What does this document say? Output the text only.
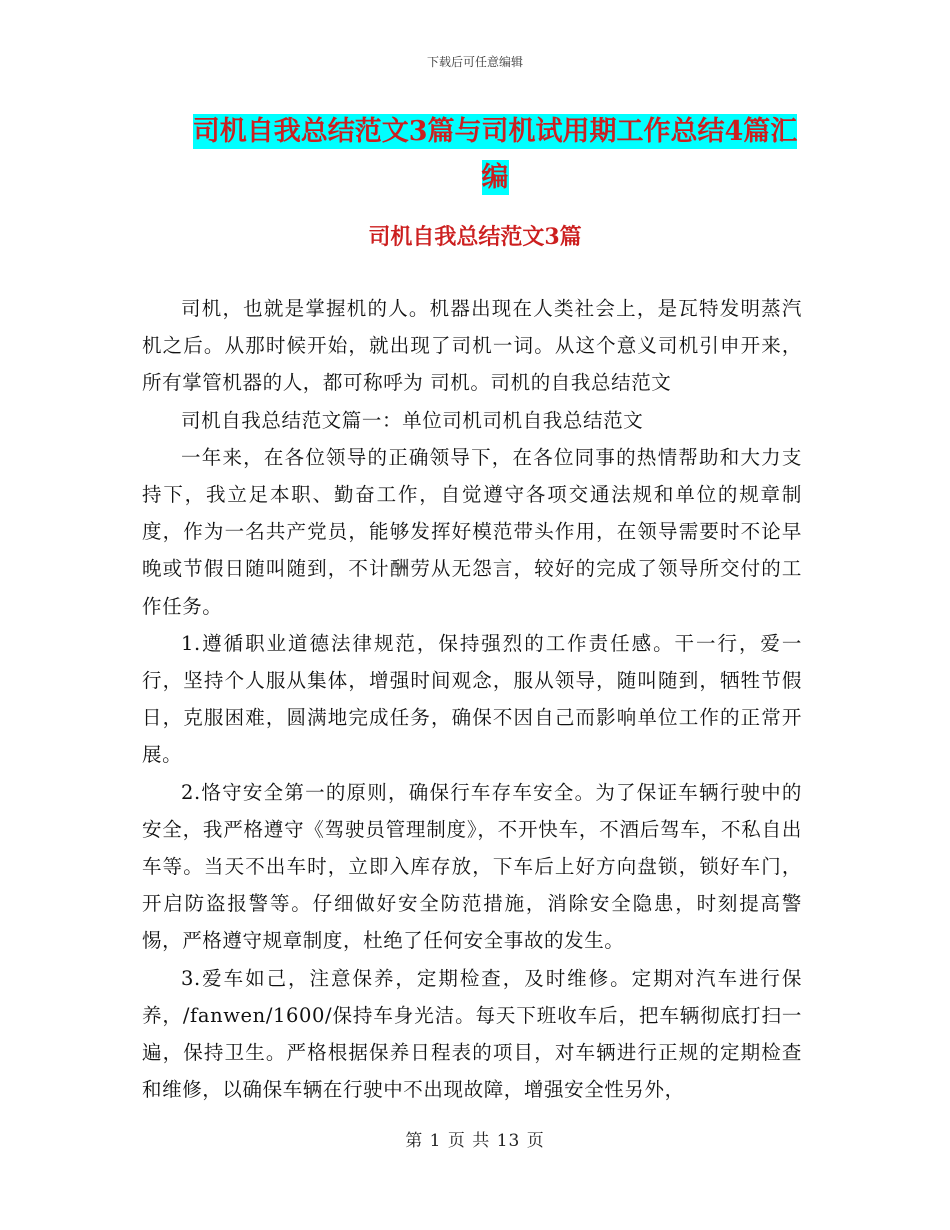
下载后可任意编辑
司机自我总结范文3篇与司机试用期工作总结4篇汇编
司机自我总结范文3篇

司机，也就是掌握机的人。机器出现在人类社会上，是瓦特发明蒸汽机之后。从那时候开始，就出现了司机一词。从这个意义司机引申开来，所有掌管机器的人，都可称呼为 司机。司机的自我总结范文

司机自我总结范文篇一：单位司机司机自我总结范文

一年来，在各位领导的正确领导下，在各位同事的热情帮助和大力支持下，我立足本职、勤奋工作，自觉遵守各项交通法规和单位的规章制度，作为一名共产党员，能够发挥好模范带头作用，在领导需要时不论早晚或节假日随叫随到，不计酬劳从无怨言，较好的完成了领导所交付的工作任务。

1.遵循职业道德法律规范，保持强烈的工作责任感。干一行，爱一行，坚持个人服从集体，增强时间观念，服从领导，随叫随到，牺牲节假日，克服困难，圆满地完成任务，确保不因自己而影响单位工作的正常开展。

2.恪守安全第一的原则，确保行车存车安全。为了保证车辆行驶中的安全，我严格遵守《驾驶员管理制度》，不开快车，不酒后驾车，不私自出车等。当天不出车时，立即入库存放，下车后上好方向盘锁，锁好车门，开启防盗报警等。仔细做好安全防范措施，消除安全隐患，时刻提高警惕，严格遵守规章制度，杜绝了任何安全事故的发生。

3.爱车如己，注意保养，定期检查，及时维修。定期对汽车进行保养，/fanwen/1600/保持车身光洁。每天下班收车后，把车辆彻底打扫一遍，保持卫生。严格根据保养日程表的项目，对车辆进行正规的定期检查和维修，以确保车辆在行驶中不出现故障，增强安全性另外，

第 1 页 共 13 页
